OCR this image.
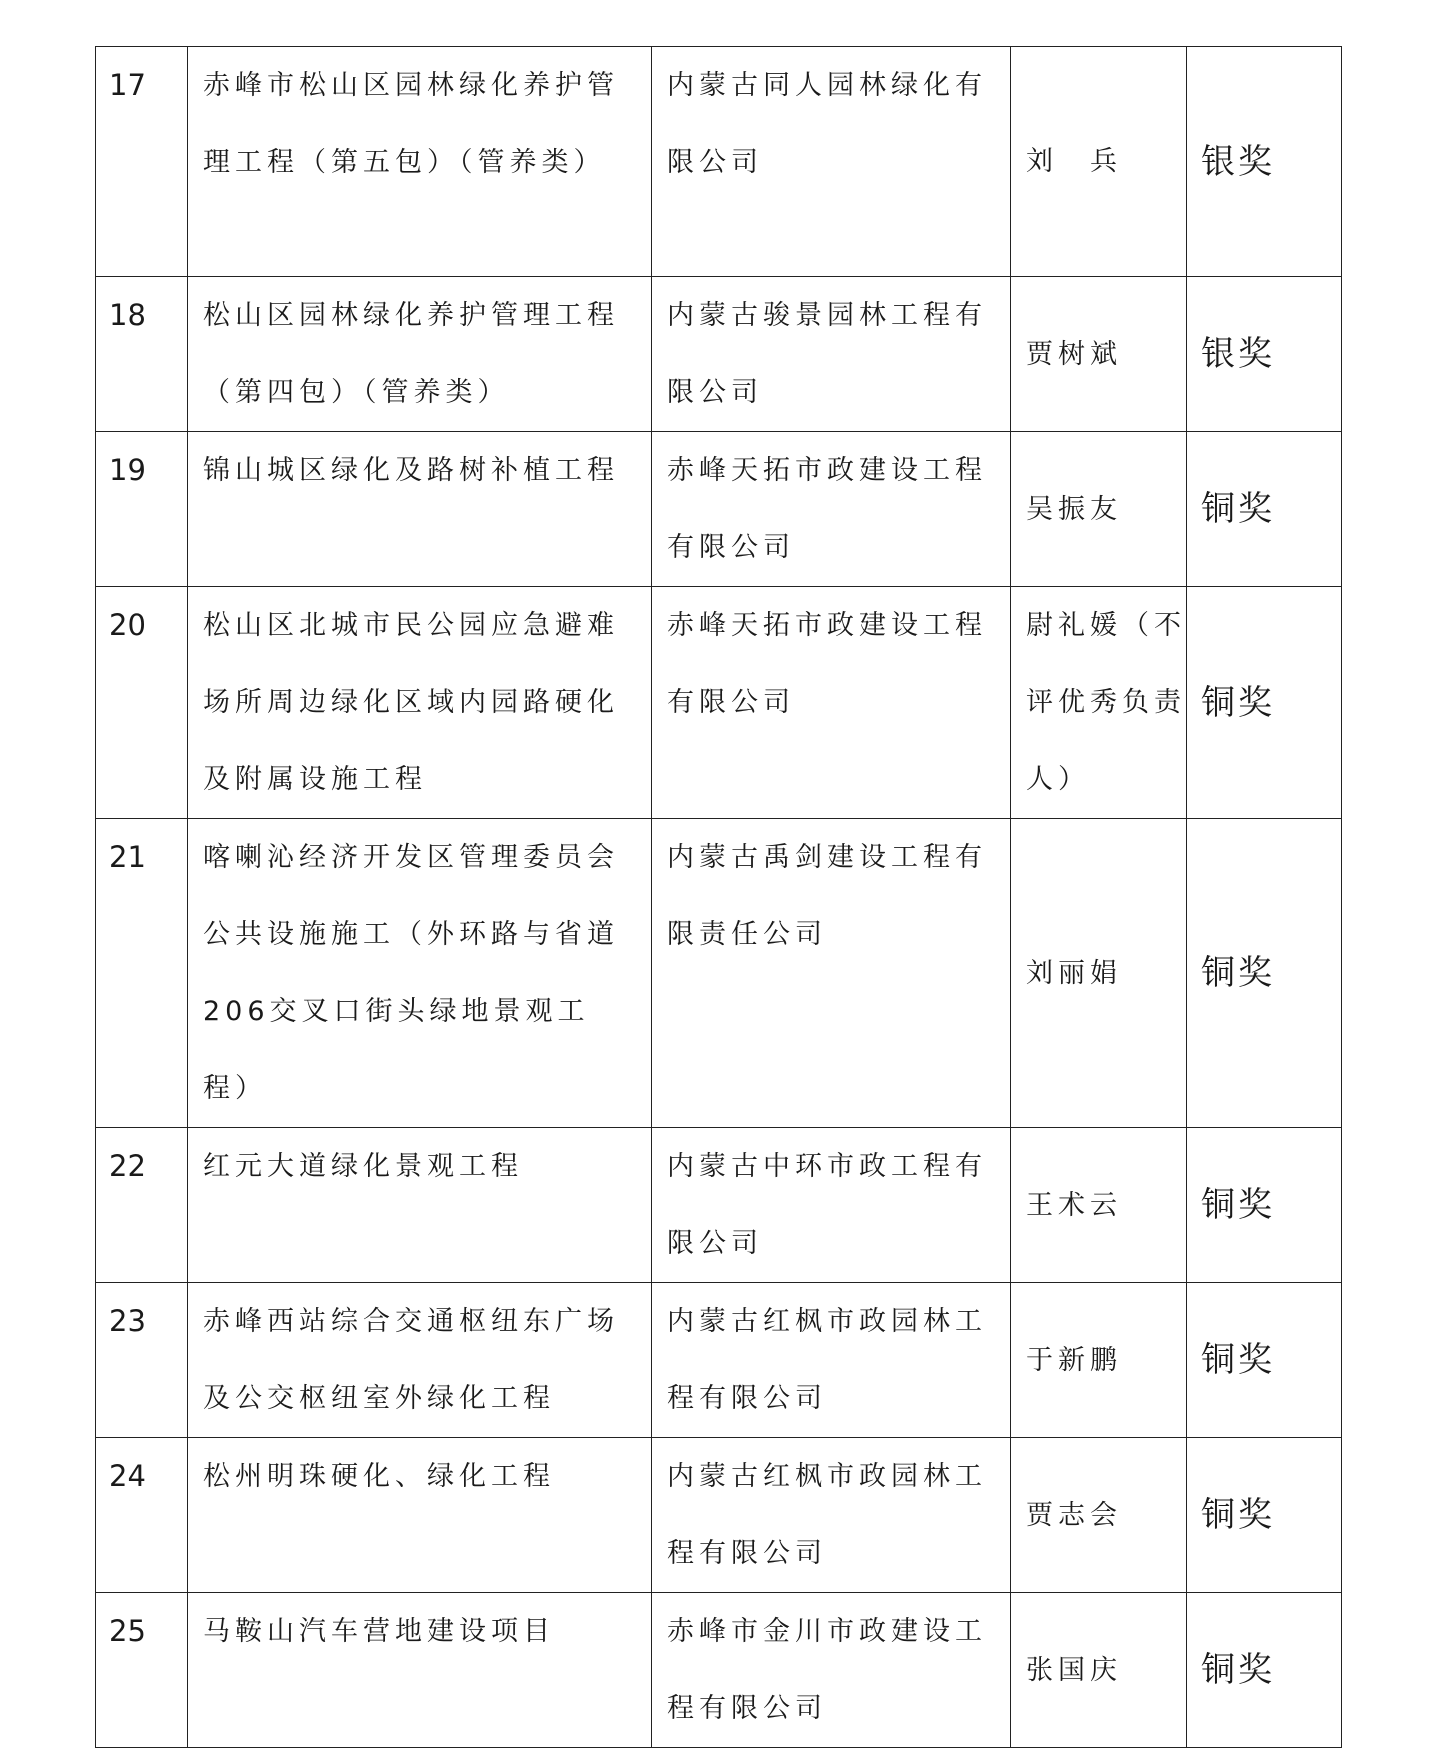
17	赤峰市松山区园林绿化养护管理工程（第五包）（管养类）	内蒙古同人园林绿化有限公司	刘　兵	银奖

18	松山区园林绿化养护管理工程（第四包）（管养类）	内蒙古骏景园林工程有限公司	贾树斌	银奖

19	锦山城区绿化及路树补植工程	赤峰天拓市政建设工程有限公司	吴振友	铜奖

20	松山区北城市民公园应急避难场所周边绿化区域内园路硬化及附属设施工程	赤峰天拓市政建设工程有限公司	尉礼媛（不评优秀负责人）	铜奖

21	喀喇沁经济开发区管理委员会公共设施施工（外环路与省道206交叉口街头绿地景观工程）	内蒙古禹剑建设工程有限责任公司	刘丽娟	铜奖

22	红元大道绿化景观工程	内蒙古中环市政工程有限公司	王术云	铜奖

23	赤峰西站综合交通枢纽东广场及公交枢纽室外绿化工程	内蒙古红枫市政园林工程有限公司	于新鹏	铜奖

24	松州明珠硬化、绿化工程	内蒙古红枫市政园林工程有限公司	贾志会	铜奖

25	马鞍山汽车营地建设项目	赤峰市金川市政建设工程有限公司	张国庆	铜奖
